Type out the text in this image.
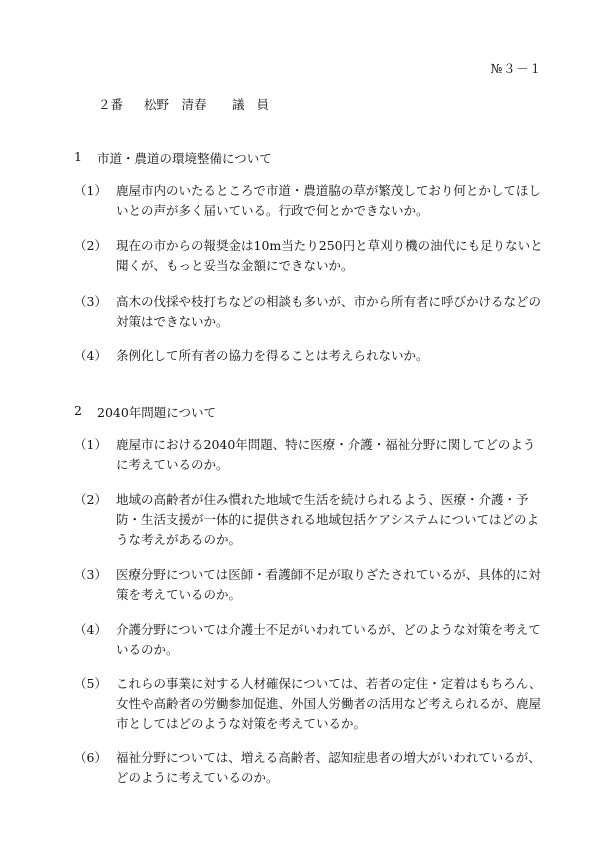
№３－１
２番	松野　清春	議員
1	市道・農道の環境整備について
（1） 鹿屋市内のいたるところで市道・農道脇の草が繁茂しており何とかしてほしいとの声が多く届いている。行政で何とかできないか。
（2） 現在の市からの報奨金は10m当たり250円と草刈り機の油代にも足りないと聞くが、もっと妥当な金額にできないか。
（3） 高木の伐採や枝打ちなどの相談も多いが、市から所有者に呼びかけるなどの対策はできないか。
（4） 条例化して所有者の協力を得ることは考えられないか。
2	2040年問題について
（1） 鹿屋市における2040年問題、特に医療・介護・福祉分野に関してどのように考えているのか。
（2） 地域の高齢者が住み慣れた地域で生活を続けられるよう、医療・介護・予防・生活支援が一体的に提供される地域包括ケアシステムについてはどのような考えがあるのか。
（3） 医療分野については医師・看護師不足が取りざたされているが、具体的に対策を考えているのか。
（4） 介護分野については介護士不足がいわれているが、どのような対策を考えているのか。
（5） これらの事業に対する人材確保については、若者の定住・定着はもちろん、女性や高齢者の労働参加促進、外国人労働者の活用など考えられるが、鹿屋市としてはどのような対策を考えているか。
（6） 福祉分野については、増える高齢者、認知症患者の増大がいわれているが、どのように考えているのか。
